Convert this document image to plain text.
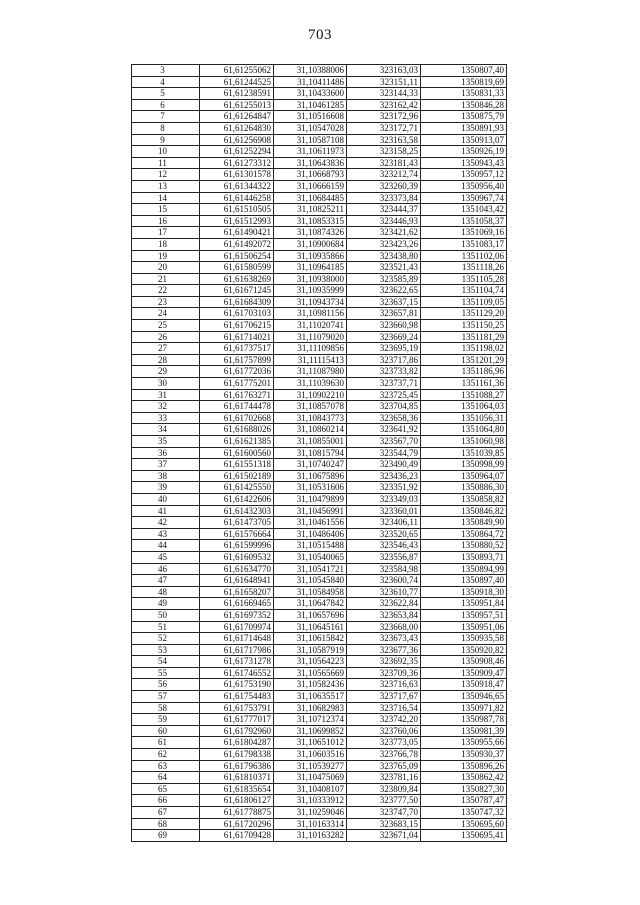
703
3	61,61255062	31,10388006	323163,03	1350807,40
4	61,61244525	31,10411486	323151,11	1350819,69
5	61,61238591	31,10433600	323144,33	1350831,33
6	61,61255013	31,10461285	323162,42	1350846,28
7	61,61264847	31,10516608	323172,96	1350875,79
8	61,61264830	31,10547028	323172,71	1350891,93
9	61,61256908	31,10587108	323163,58	1350913,07
10	61,61252294	31,10611973	323158,25	1350926,19
11	61,61273312	31,10643836	323181,43	1350943,43
12	61,61301578	31,10668793	323212,74	1350957,12
13	61,61344322	31,10666159	323260,39	1350956,40
14	61,61446258	31,10684485	323373,84	1350967,74
15	61,61510505	31,10825211	323444,37	1351043,42
16	61,61512993	31,10853315	323446,93	1351058,37
17	61,61490421	31,10874326	323421,62	1351069,16
18	61,61492072	31,10900684	323423,26	1351083,17
19	61,61506254	31,10935866	323438,80	1351102,06
20	61,61580599	31,10964185	323521,43	1351118,26
21	61,61638269	31,10938000	323585,89	1351105,28
22	61,61671245	31,10935999	323622,65	1351104,74
23	61,61684309	31,10943734	323637,15	1351109,05
24	61,61703103	31,10981156	323657,81	1351129,20
25	61,61706215	31,11020741	323660,98	1351150,25
26	61,61714021	31,11079020	323669,24	1351181,29
27	61,61737517	31,11109856	323695,19	1351198,02
28	61,61757899	31,11115413	323717,86	1351201,29
29	61,61772036	31,11087980	323733,82	1351186,96
30	61,61775201	31,11039630	323737,71	1351161,36
31	61,61763271	31,10902210	323725,45	1351088,27
32	61,61744478	31,10857078	323704,85	1351064,03
33	61,61702668	31,10843773	323658,36	1351056,31
34	61,61688026	31,10860214	323641,92	1351064,80
35	61,61621385	31,10855001	323567,70	1351060,98
36	61,61600560	31,10815794	323544,79	1351039,85
37	61,61551318	31,10740247	323490,49	1350998,99
38	61,61502189	31,10675896	323436,23	1350964,07
39	61,61425550	31,10531606	323351,92	1350886,30
40	61,61422606	31,10479899	323349,03	1350858,82
41	61,61432303	31,10456991	323360,01	1350846,82
42	61,61473705	31,10461556	323406,11	1350849,90
43	61,61576664	31,10486406	323520,65	1350864,72
44	61,61599996	31,10515488	323546,43	1350880,52
45	61,61609532	31,10540065	323556,87	1350893,71
46	61,61634770	31,10541721	323584,98	1350894,99
47	61,61648941	31,10545840	323600,74	1350897,40
48	61,61658207	31,10584958	323610,77	1350918,30
49	61,61669465	31,10647842	323622,84	1350951,84
50	61,61697352	31,10657696	323653,84	1350957,51
51	61,61709974	31,10645161	323668,00	1350951,06
52	61,61714648	31,10615842	323673,43	1350935,58
53	61,61717986	31,10587919	323677,36	1350920,82
54	61,61731278	31,10564223	323692,35	1350908,46
55	61,61746552	31,10565669	323709,36	1350909,47
56	61,61753190	31,10582436	323716,63	1350918,47
57	61,61754483	31,10635517	323717,67	1350946,65
58	61,61753791	31,10682983	323716,54	1350971,82
59	61,61777017	31,10712374	323742,20	1350987,78
60	61,61792960	31,10699852	323760,06	1350981,39
61	61,61804287	31,10651012	323773,05	1350955,66
62	61,61798338	31,10603516	323766,78	1350930,37
63	61,61796386	31,10539277	323765,09	1350896,26
64	61,61810371	31,10475069	323781,16	1350862,42
65	61,61835654	31,10408107	323809,84	1350827,30
66	61,61806127	31,10333912	323777,50	1350787,47
67	61,61778875	31,10259046	323747,70	1350747,32
68	61,61720296	31,10163314	323683,15	1350695,60
69	61,61709428	31,10163282	323671,04	1350695,41
